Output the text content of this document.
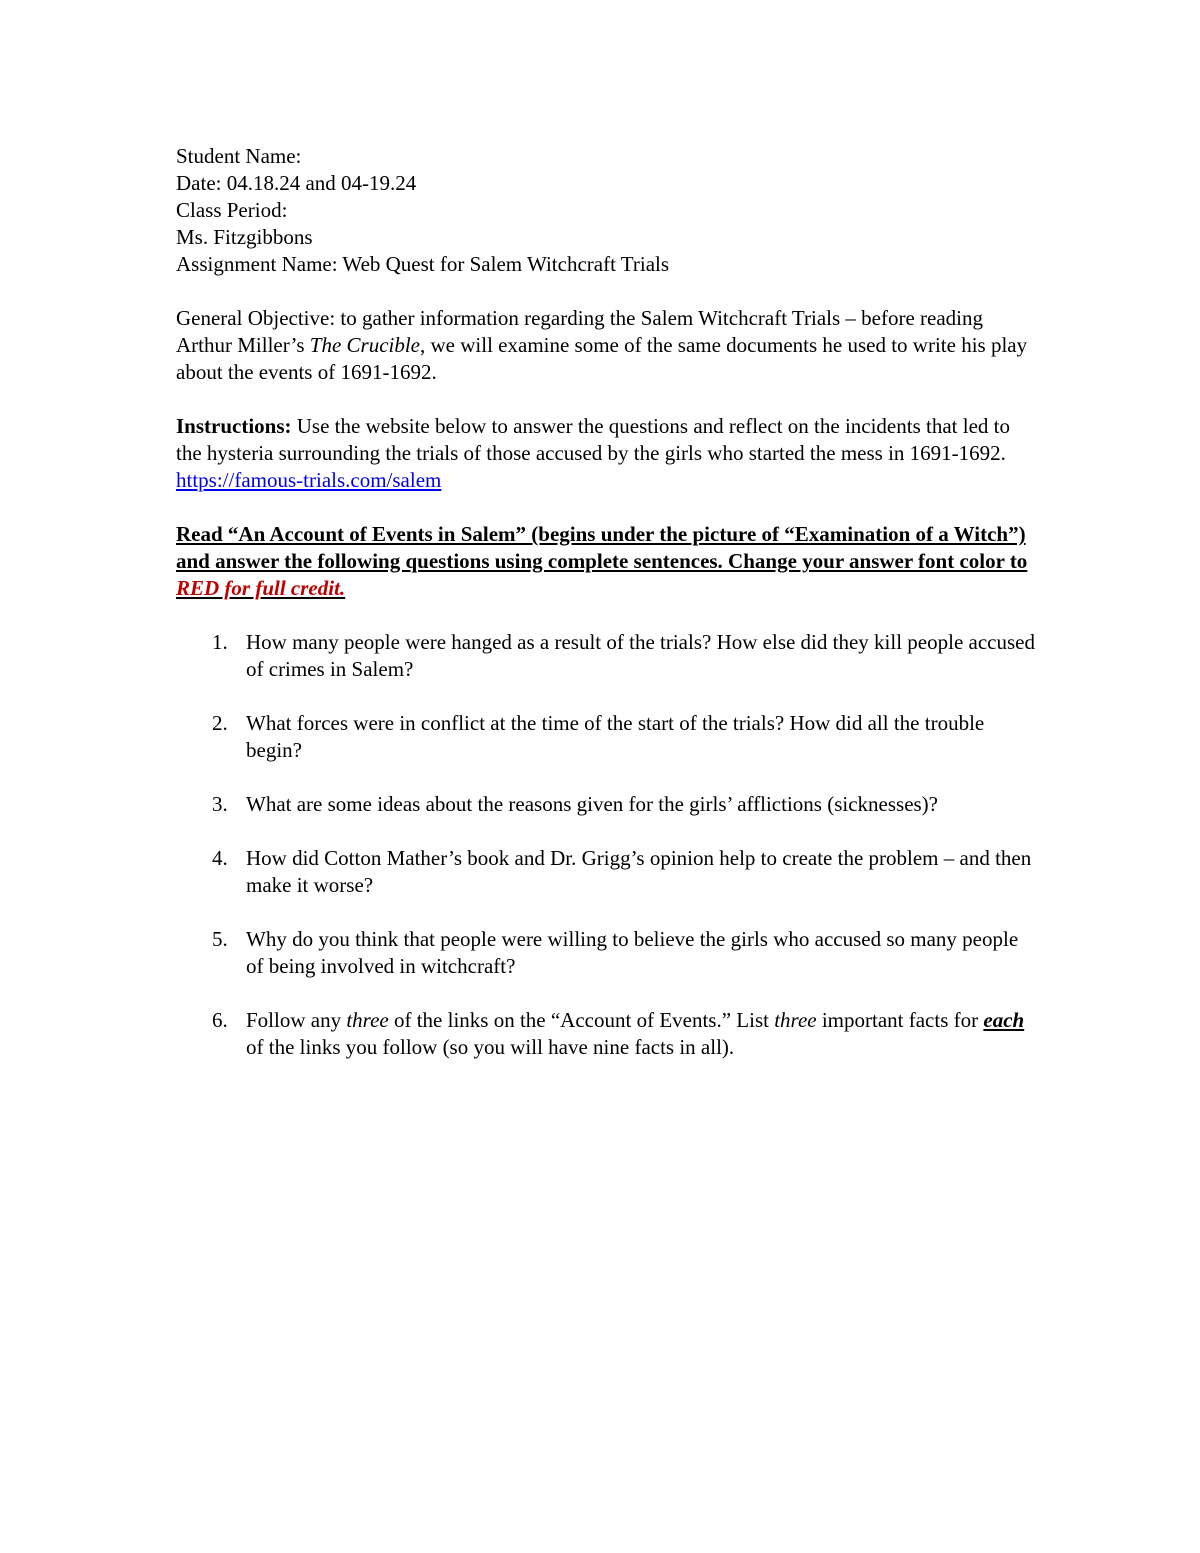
Student Name:
Date: 04.18.24 and 04-19.24
Class Period:
Ms. Fitzgibbons
Assignment Name: Web Quest for Salem Witchcraft Trials

General Objective: to gather information regarding the Salem Witchcraft Trials – before reading Arthur Miller’s The Crucible, we will examine some of the same documents he used to write his play about the events of 1691-1692.

Instructions: Use the website below to answer the questions and reflect on the incidents that led to the hysteria surrounding the trials of those accused by the girls who started the mess in 1691-1692.
https://famous-trials.com/salem

Read “An Account of Events in Salem” (begins under the picture of “Examination of a Witch”) and answer the following questions using complete sentences. Change your answer font color to RED for full credit.

1. How many people were hanged as a result of the trials? How else did they kill people accused of crimes in Salem?
2. What forces were in conflict at the time of the start of the trials? How did all the trouble begin?
3. What are some ideas about the reasons given for the girls’ afflictions (sicknesses)?
4. How did Cotton Mather’s book and Dr. Grigg’s opinion help to create the problem – and then make it worse?
5. Why do you think that people were willing to believe the girls who accused so many people of being involved in witchcraft?
6. Follow any three of the links on the “Account of Events.” List three important facts for each of the links you follow (so you will have nine facts in all).
